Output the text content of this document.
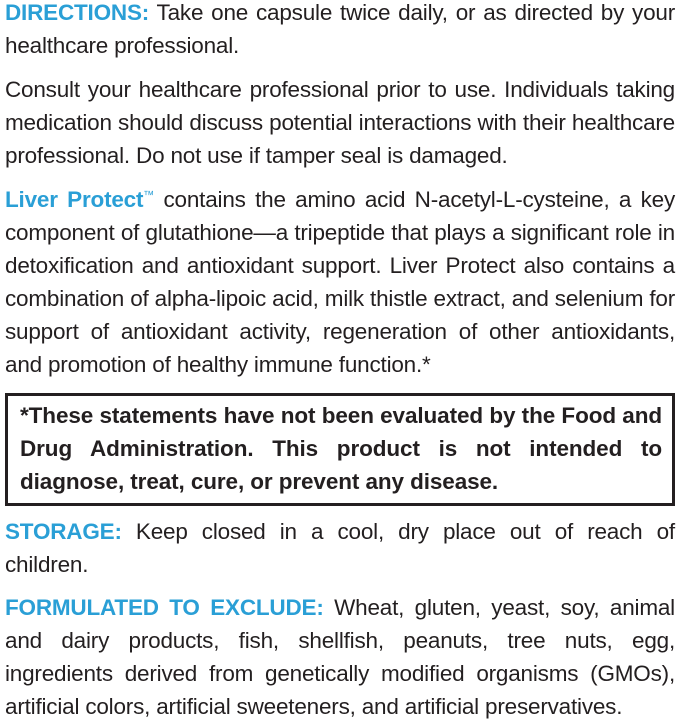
DIRECTIONS: Take one capsule twice daily, or as directed by your healthcare professional.

Consult your healthcare professional prior to use. Individuals taking medication should discuss potential interactions with their healthcare professional. Do not use if tamper seal is damaged.

Liver Protect™ contains the amino acid N-acetyl-L-cysteine, a key component of glutathione—a tripeptide that plays a significant role in detoxification and antioxidant support. Liver Protect also contains a combination of alpha-lipoic acid, milk thistle extract, and selenium for support of antioxidant activity, regeneration of other antioxidants, and promotion of healthy immune function.*

*These statements have not been evaluated by the Food and Drug Administration. This product is not intended to diagnose, treat, cure, or prevent any disease.

STORAGE: Keep closed in a cool, dry place out of reach of children.

FORMULATED TO EXCLUDE: Wheat, gluten, yeast, soy, animal and dairy products, fish, shellfish, peanuts, tree nuts, egg, ingredients derived from genetically modified organisms (GMOs), artificial colors, artificial sweeteners, and artificial preservatives.
